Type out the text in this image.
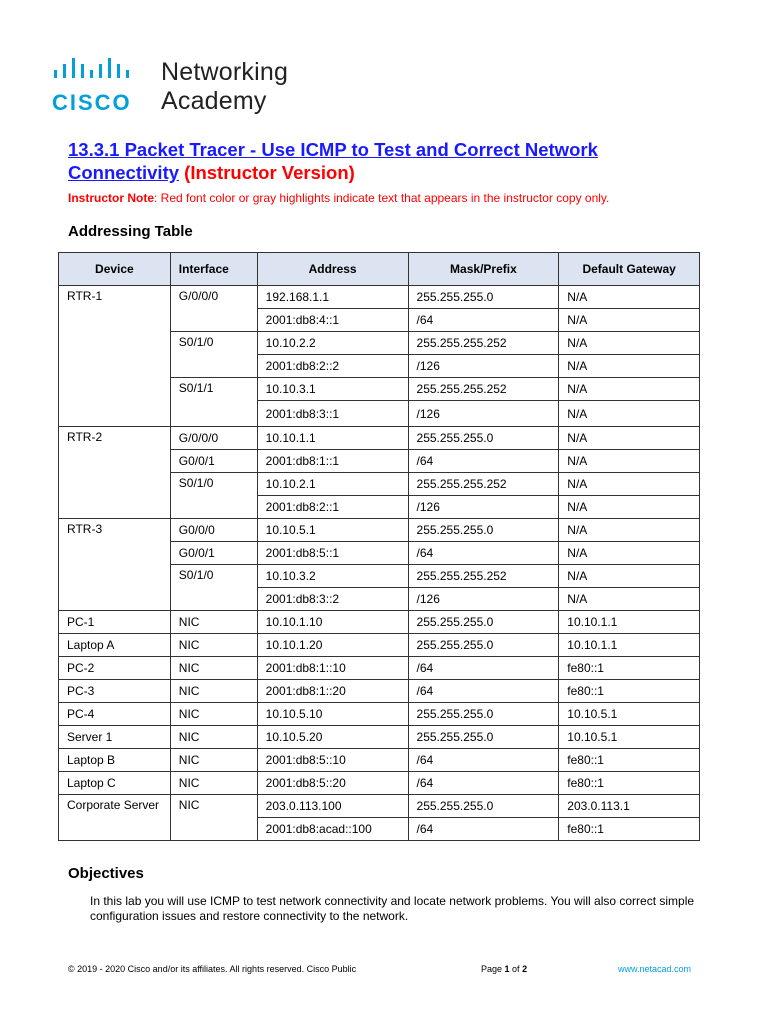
CISCO
Networking
Academy
13.3.1 Packet Tracer - Use ICMP to Test and Correct Network Connectivity (Instructor Version)
Instructor Note: Red font color or gray highlights indicate text that appears in the instructor copy only.
Addressing Table
Device	Interface	Address	Mask/Prefix	Default Gateway
RTR-1	G/0/0/0	192.168.1.1	255.255.255.0	N/A
		2001:db8:4::1	/64	N/A
	S0/1/0	10.10.2.2	255.255.255.252	N/A
		2001:db8:2::2	/126	N/A
	S0/1/1	10.10.3.1	255.255.255.252	N/A
		2001:db8:3::1	/126	N/A
RTR-2	G/0/0/0	10.10.1.1	255.255.255.0	N/A
	G0/0/1	2001:db8:1::1	/64	N/A
	S0/1/0	10.10.2.1	255.255.255.252	N/A
		2001:db8:2::1	/126	N/A
RTR-3	G0/0/0	10.10.5.1	255.255.255.0	N/A
	G0/0/1	2001:db8:5::1	/64	N/A
	S0/1/0	10.10.3.2	255.255.255.252	N/A
		2001:db8:3::2	/126	N/A
PC-1	NIC	10.10.1.10	255.255.255.0	10.10.1.1
Laptop A	NIC	10.10.1.20	255.255.255.0	10.10.1.1
PC-2	NIC	2001:db8:1::10	/64	fe80::1
PC-3	NIC	2001:db8:1::20	/64	fe80::1
PC-4	NIC	10.10.5.10	255.255.255.0	10.10.5.1
Server 1	NIC	10.10.5.20	255.255.255.0	10.10.5.1
Laptop B	NIC	2001:db8:5::10	/64	fe80::1
Laptop C	NIC	2001:db8:5::20	/64	fe80::1
Corporate Server	NIC	203.0.113.100	255.255.255.0	203.0.113.1
		2001:db8:acad::100	/64	fe80::1
Objectives
In this lab you will use ICMP to test network connectivity and locate network problems. You will also correct simple configuration issues and restore connectivity to the network.
© 2019 - 2020 Cisco and/or its affiliates. All rights reserved. Cisco Public	Page 1 of 2	www.netacad.com
